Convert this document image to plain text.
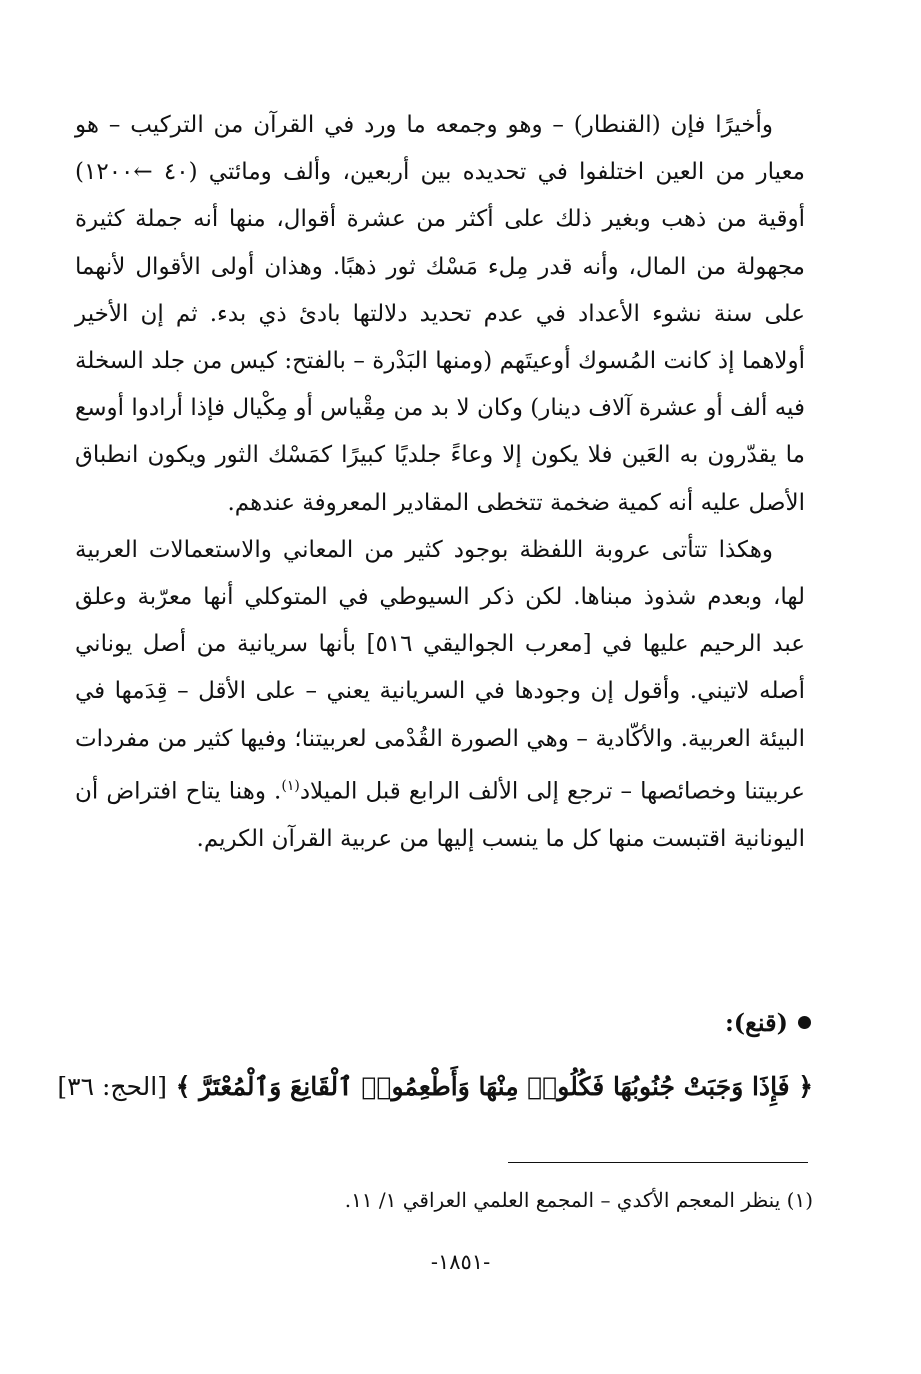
وأخيرًا فإن (القنطار) – وهو وجمعه ما ورد في القرآن من التركيب – هو معيار من العين اختلفوا في تحديده بين أربعين، وألف ومائتي (٤٠ ←١٢٠٠) أوقية من ذهب وبغير ذلك على أكثر من عشرة أقوال، منها أنه جملة كثيرة مجهولة من المال، وأنه قدر مِلء مَسْك ثور ذهبًا. وهذان أولى الأقوال لأنهما على سنة نشوء الأعداد في عدم تحديد دلالتها بادئ ذي بدء. ثم إن الأخير أولاهما إذ كانت المُسوك أوعيتَهم (ومنها البَدْرة – بالفتح: كيس من جلد السخلة فيه ألف أو عشرة آلاف دينار) وكان لا بد من مِقْياس أو مِكْيال فإذا أرادوا أوسع ما يقدّرون به العَين فلا يكون إلا وعاءً جلديًا كبيرًا كمَسْك الثور ويكون انطباق الأصل عليه أنه كمية ضخمة تتخطى المقادير المعروفة عندهم.

وهكذا تتأتى عروبة اللفظة بوجود كثير من المعاني والاستعمالات العربية لها، وبعدم شذوذ مبناها. لكن ذكر السيوطي في المتوكلي أنها معرّبة وعلق عبد الرحيم عليها في [معرب الجواليقي ٥١٦] بأنها سريانية من أصل يوناني أصله لاتيني. وأقول إن وجودها في السريانية يعني – على الأقل – قِدَمها في البيئة العربية. والأكّادية – وهي الصورة القُدْمى لعربيتنا؛ وفيها كثير من مفردات عربيتنا وخصائصها – ترجع إلى الألف الرابع قبل الميلاد$^{(١)}$. وهنا يتاح افتراض أن اليونانية اقتبست منها كل ما ينسب إليها من عربية القرآن الكريم.

(قنع):
﴿ فَإِذَا وَجَبَتْ جُنُوبُهَا فَكُلُوا۟ مِنْهَا وَأَطْعِمُوا۟ ٱلْقَانِعَ وَٱلْمُعْتَرَّ ﴾ [الحج: ٣٦]
(١) ينظر المعجم الأكدي – المجمع العلمي العراقي ١/ ١١.
-١٨٥١-
